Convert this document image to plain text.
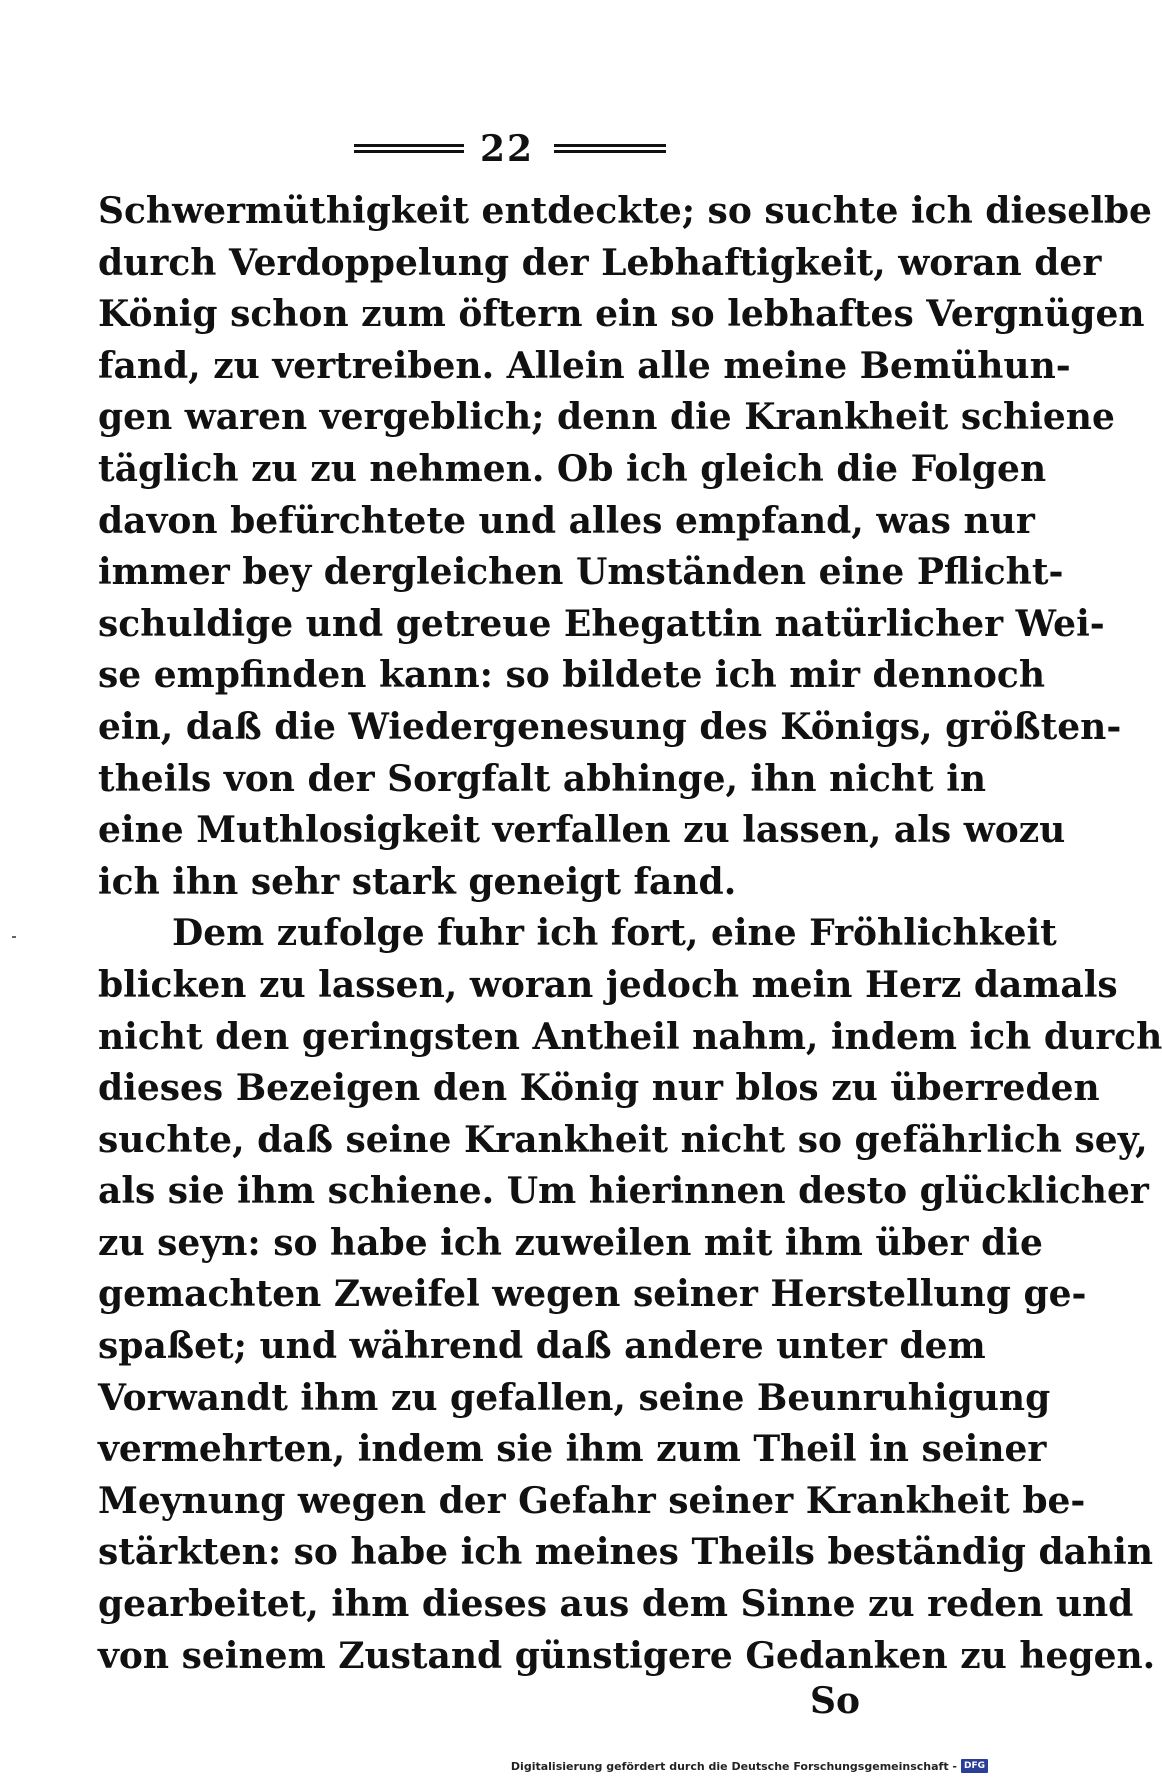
22
Schwermüthigkeit entdeckte; so suchte ich dieselbe
durch Verdoppelung der Lebhaftigkeit, woran der
König schon zum öftern ein so lebhaftes Vergnügen
fand, zu vertreiben. Allein alle meine Bemühun-
gen waren vergeblich; denn die Krankheit schiene
täglich zu zu nehmen. Ob ich gleich die Folgen
davon befürchtete und alles empfand, was nur
immer bey dergleichen Umständen eine Pflicht-
schuldige und getreue Ehegattin natürlicher Wei-
se empfinden kann: so bildete ich mir dennoch
ein, daß die Wiedergenesung des Königs, größten-
theils von der Sorgfalt abhinge, ihn nicht in
eine Muthlosigkeit verfallen zu lassen, als wozu
ich ihn sehr stark geneigt fand.
Dem zufolge fuhr ich fort, eine Fröhlichkeit
blicken zu lassen, woran jedoch mein Herz damals
nicht den geringsten Antheil nahm, indem ich durch
dieses Bezeigen den König nur blos zu überreden
suchte, daß seine Krankheit nicht so gefährlich sey,
als sie ihm schiene. Um hierinnen desto glücklicher
zu seyn: so habe ich zuweilen mit ihm über die
gemachten Zweifel wegen seiner Herstellung ge-
spaßet; und während daß andere unter dem
Vorwandt ihm zu gefallen, seine Beunruhigung
vermehrten, indem sie ihm zum Theil in seiner
Meynung wegen der Gefahr seiner Krankheit be-
stärkten: so habe ich meines Theils beständig dahin
gearbeitet, ihm dieses aus dem Sinne zu reden und
von seinem Zustand günstigere Gedanken zu hegen.
So
Digitalisierung gefördert durch die Deutsche Forschungsgemeinschaft - DFG
